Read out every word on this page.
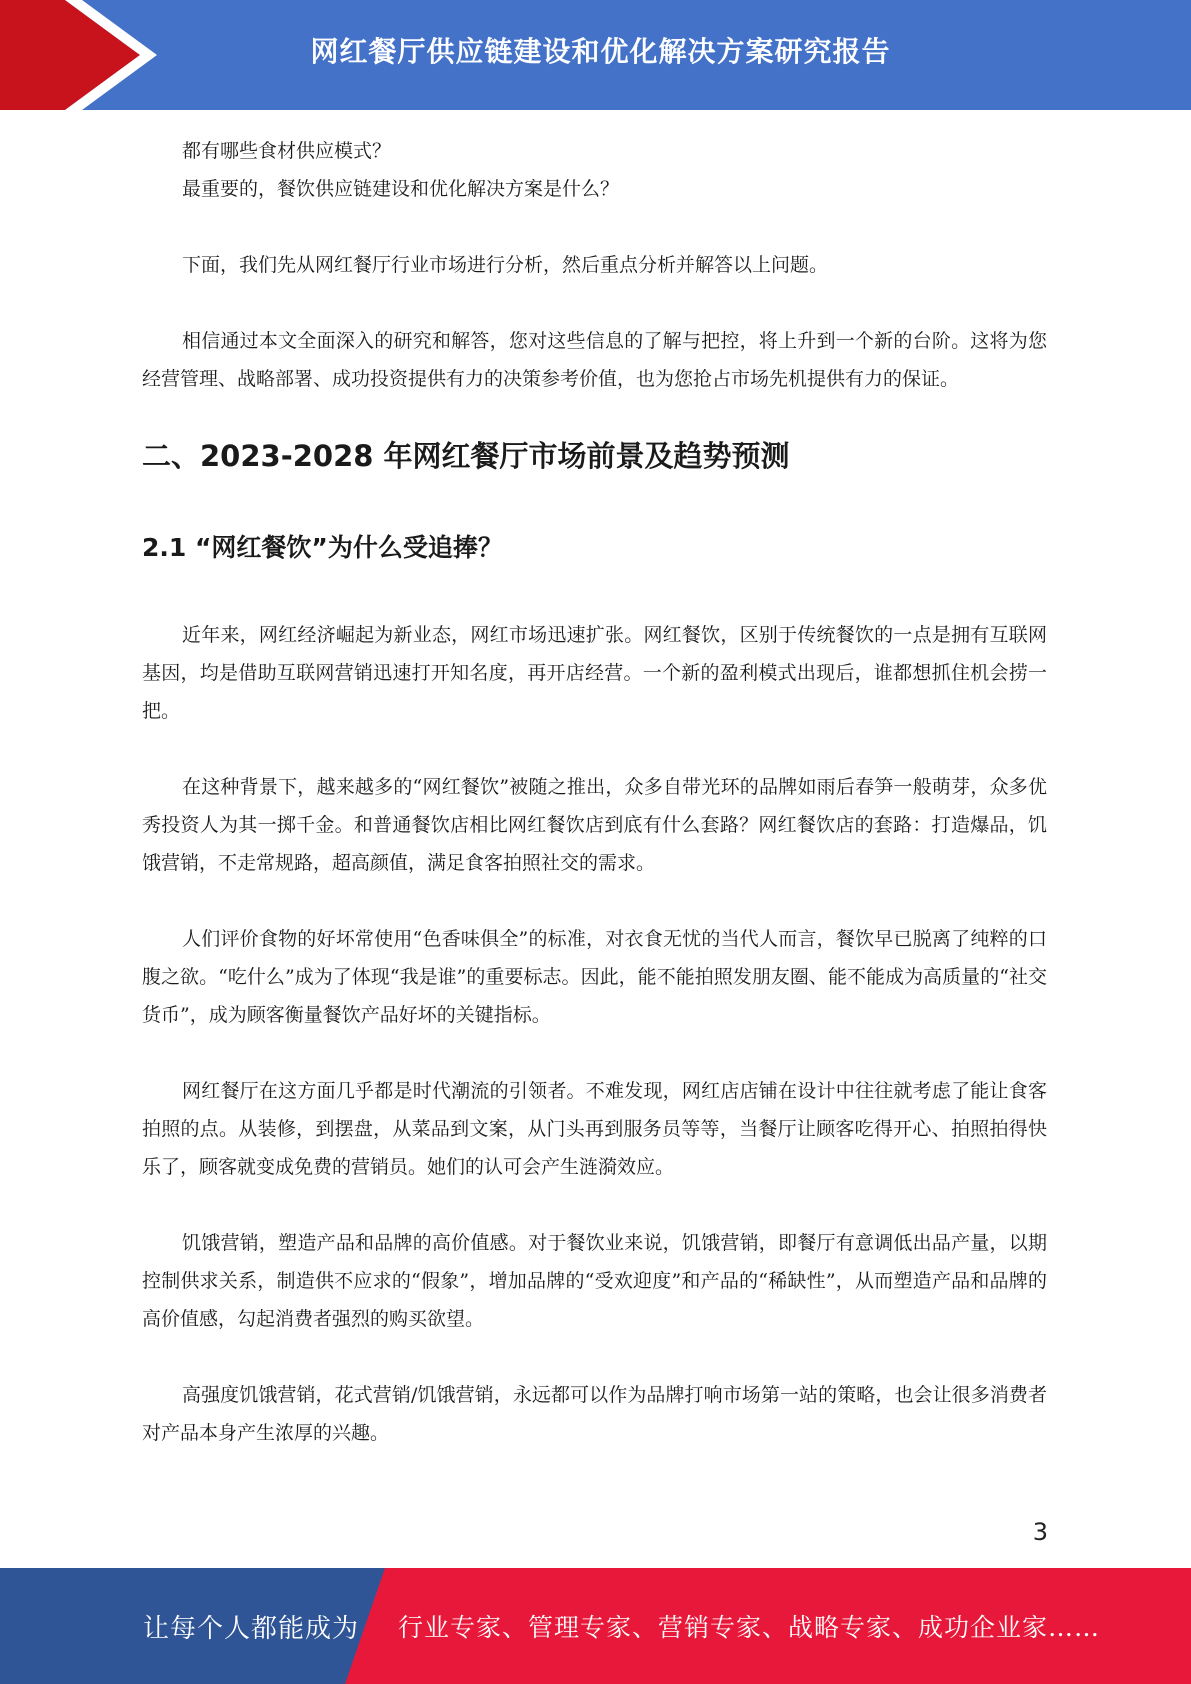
网红餐厅供应链建设和优化解决方案研究报告

都有哪些食材供应模式？

最重要的，餐饮供应链建设和优化解决方案是什么？

下面，我们先从网红餐厅行业市场进行分析，然后重点分析并解答以上问题。

相信通过本文全面深入的研究和解答，您对这些信息的了解与把控，将上升到一个新的台阶。这将为您经营管理、战略部署、成功投资提供有力的决策参考价值，也为您抢占市场先机提供有力的保证。

二、2023-2028 年网红餐厅市场前景及趋势预测
2.1 “网红餐饮”为什么受追捧？

近年来，网红经济崛起为新业态，网红市场迅速扩张。网红餐饮，区别于传统餐饮的一点是拥有互联网基因，均是借助互联网营销迅速打开知名度，再开店经营。一个新的盈利模式出现后，谁都想抓住机会捞一把。

在这种背景下，越来越多的“网红餐饮”被随之推出，众多自带光环的品牌如雨后春笋一般萌芽，众多优秀投资人为其一掷千金。和普通餐饮店相比网红餐饮店到底有什么套路？网红餐饮店的套路：打造爆品，饥饿营销，不走常规路，超高颜值，满足食客拍照社交的需求。

人们评价食物的好坏常使用“色香味俱全”的标准，对衣食无忧的当代人而言，餐饮早已脱离了纯粹的口腹之欲。“吃什么”成为了体现“我是谁”的重要标志。因此，能不能拍照发朋友圈、能不能成为高质量的“社交货币”，成为顾客衡量餐饮产品好坏的关键指标。

网红餐厅在这方面几乎都是时代潮流的引领者。不难发现，网红店店铺在设计中往往就考虑了能让食客拍照的点。从装修，到摆盘，从菜品到文案，从门头再到服务员等等，当餐厅让顾客吃得开心、拍照拍得快乐了，顾客就变成免费的营销员。她们的认可会产生涟漪效应。

饥饿营销，塑造产品和品牌的高价值感。对于餐饮业来说，饥饿营销，即餐厅有意调低出品产量，以期控制供求关系，制造供不应求的“假象”，增加品牌的“受欢迎度”和产品的“稀缺性”，从而塑造产品和品牌的高价值感，勾起消费者强烈的购买欲望。

高强度饥饿营销，花式营销/饥饿营销，永远都可以作为品牌打响市场第一站的策略，也会让很多消费者对产品本身产生浓厚的兴趣。

3
让每个人都能成为 行业专家、管理专家、营销专家、战略专家、成功企业家……
